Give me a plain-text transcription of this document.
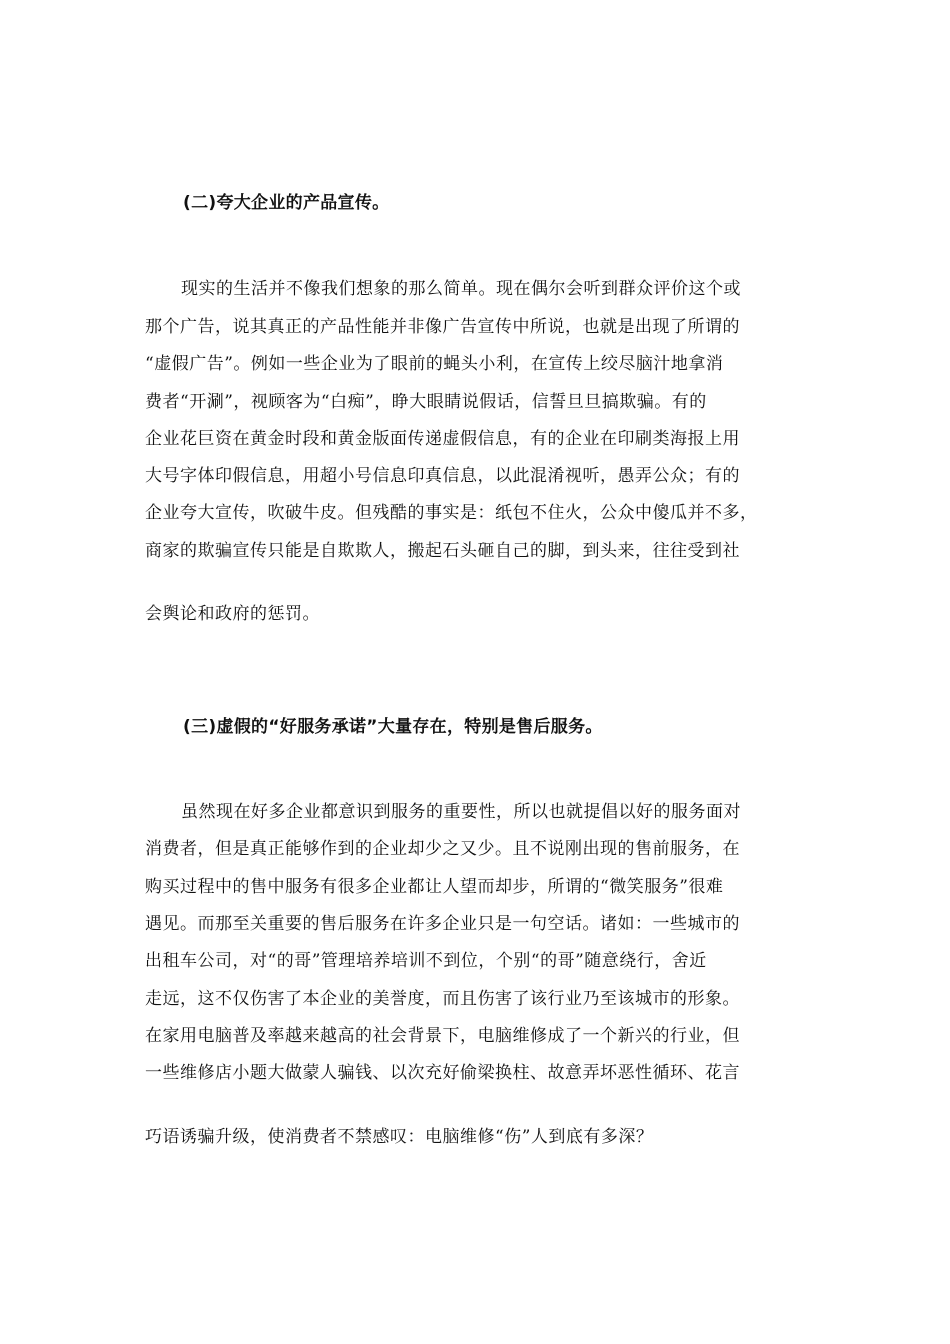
(二)夸大企业的产品宣传。
现实的生活并不像我们想象的那么简单。现在偶尔会听到群众评价这个或
那个广告，说其真正的产品性能并非像广告宣传中所说，也就是出现了所谓的
“虚假广告”。例如一些企业为了眼前的蝇头小利，在宣传上绞尽脑汁地拿消
费者“开涮”，视顾客为“白痴”，睁大眼睛说假话，信誓旦旦搞欺骗。有的
企业花巨资在黄金时段和黄金版面传递虚假信息，有的企业在印刷类海报上用
大号字体印假信息，用超小号信息印真信息，以此混淆视听，愚弄公众；有的
企业夸大宣传，吹破牛皮。但残酷的事实是：纸包不住火，公众中傻瓜并不多，
商家的欺骗宣传只能是自欺欺人，搬起石头砸自己的脚，到头来，往往受到社
会舆论和政府的惩罚。
(三)虚假的“好服务承诺”大量存在，特别是售后服务。
虽然现在好多企业都意识到服务的重要性，所以也就提倡以好的服务面对
消费者，但是真正能够作到的企业却少之又少。且不说刚出现的售前服务，在
购买过程中的售中服务有很多企业都让人望而却步，所谓的“微笑服务”很难
遇见。而那至关重要的售后服务在许多企业只是一句空话。诸如：一些城市的
出租车公司，对“的哥”管理培养培训不到位，个别“的哥”随意绕行，舍近
走远，这不仅伤害了本企业的美誉度，而且伤害了该行业乃至该城市的形象。
在家用电脑普及率越来越高的社会背景下，电脑维修成了一个新兴的行业，但
一些维修店小题大做蒙人骗钱、以次充好偷梁换柱、故意弄坏恶性循环、花言
巧语诱骗升级，使消费者不禁感叹：电脑维修“伤”人到底有多深？
